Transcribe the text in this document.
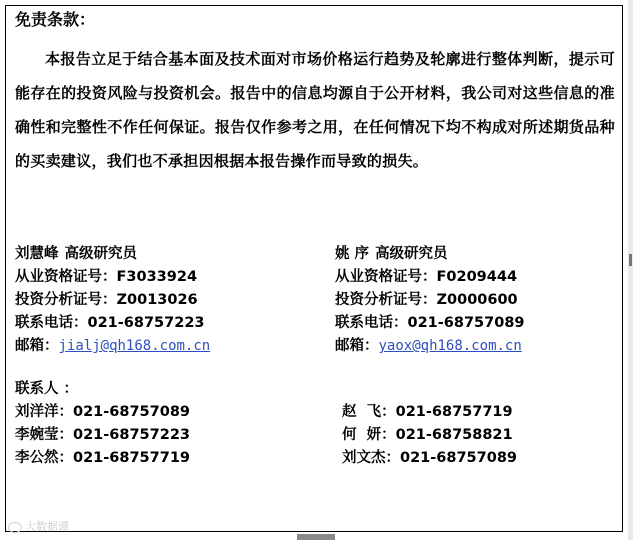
免责条款：

本报告立足于结合基本面及技术面对市场价格运行趋势及轮廓进行整体判断，提示可能存在的投资风险与投资机会。报告中的信息均源自于公开材料，我公司对这些信息的准确性和完整性不作任何保证。报告仅作参考之用，在任何情况下均不构成对所述期货品种的买卖建议，我们也不承担因根据本报告操作而导致的损失。

刘慧峰 高级研究员
从业资格证号：F3033924
投资分析证号：Z0013026
联系电话：021-68757223
邮箱：jialj@qh168.com.cn
姚 序 高级研究员
从业资格证号：F0209444
投资分析证号：Z0000600
联系电话：021-68757089
邮箱：yaox@qh168.com.cn
联系人 ：
刘洋洋：021-68757089
李婉莹：021-68757223
李公然：021-68757719
赵  飞：021-68757719
何  妍：021-68758821
刘文杰：021-68757089
大数据谭
